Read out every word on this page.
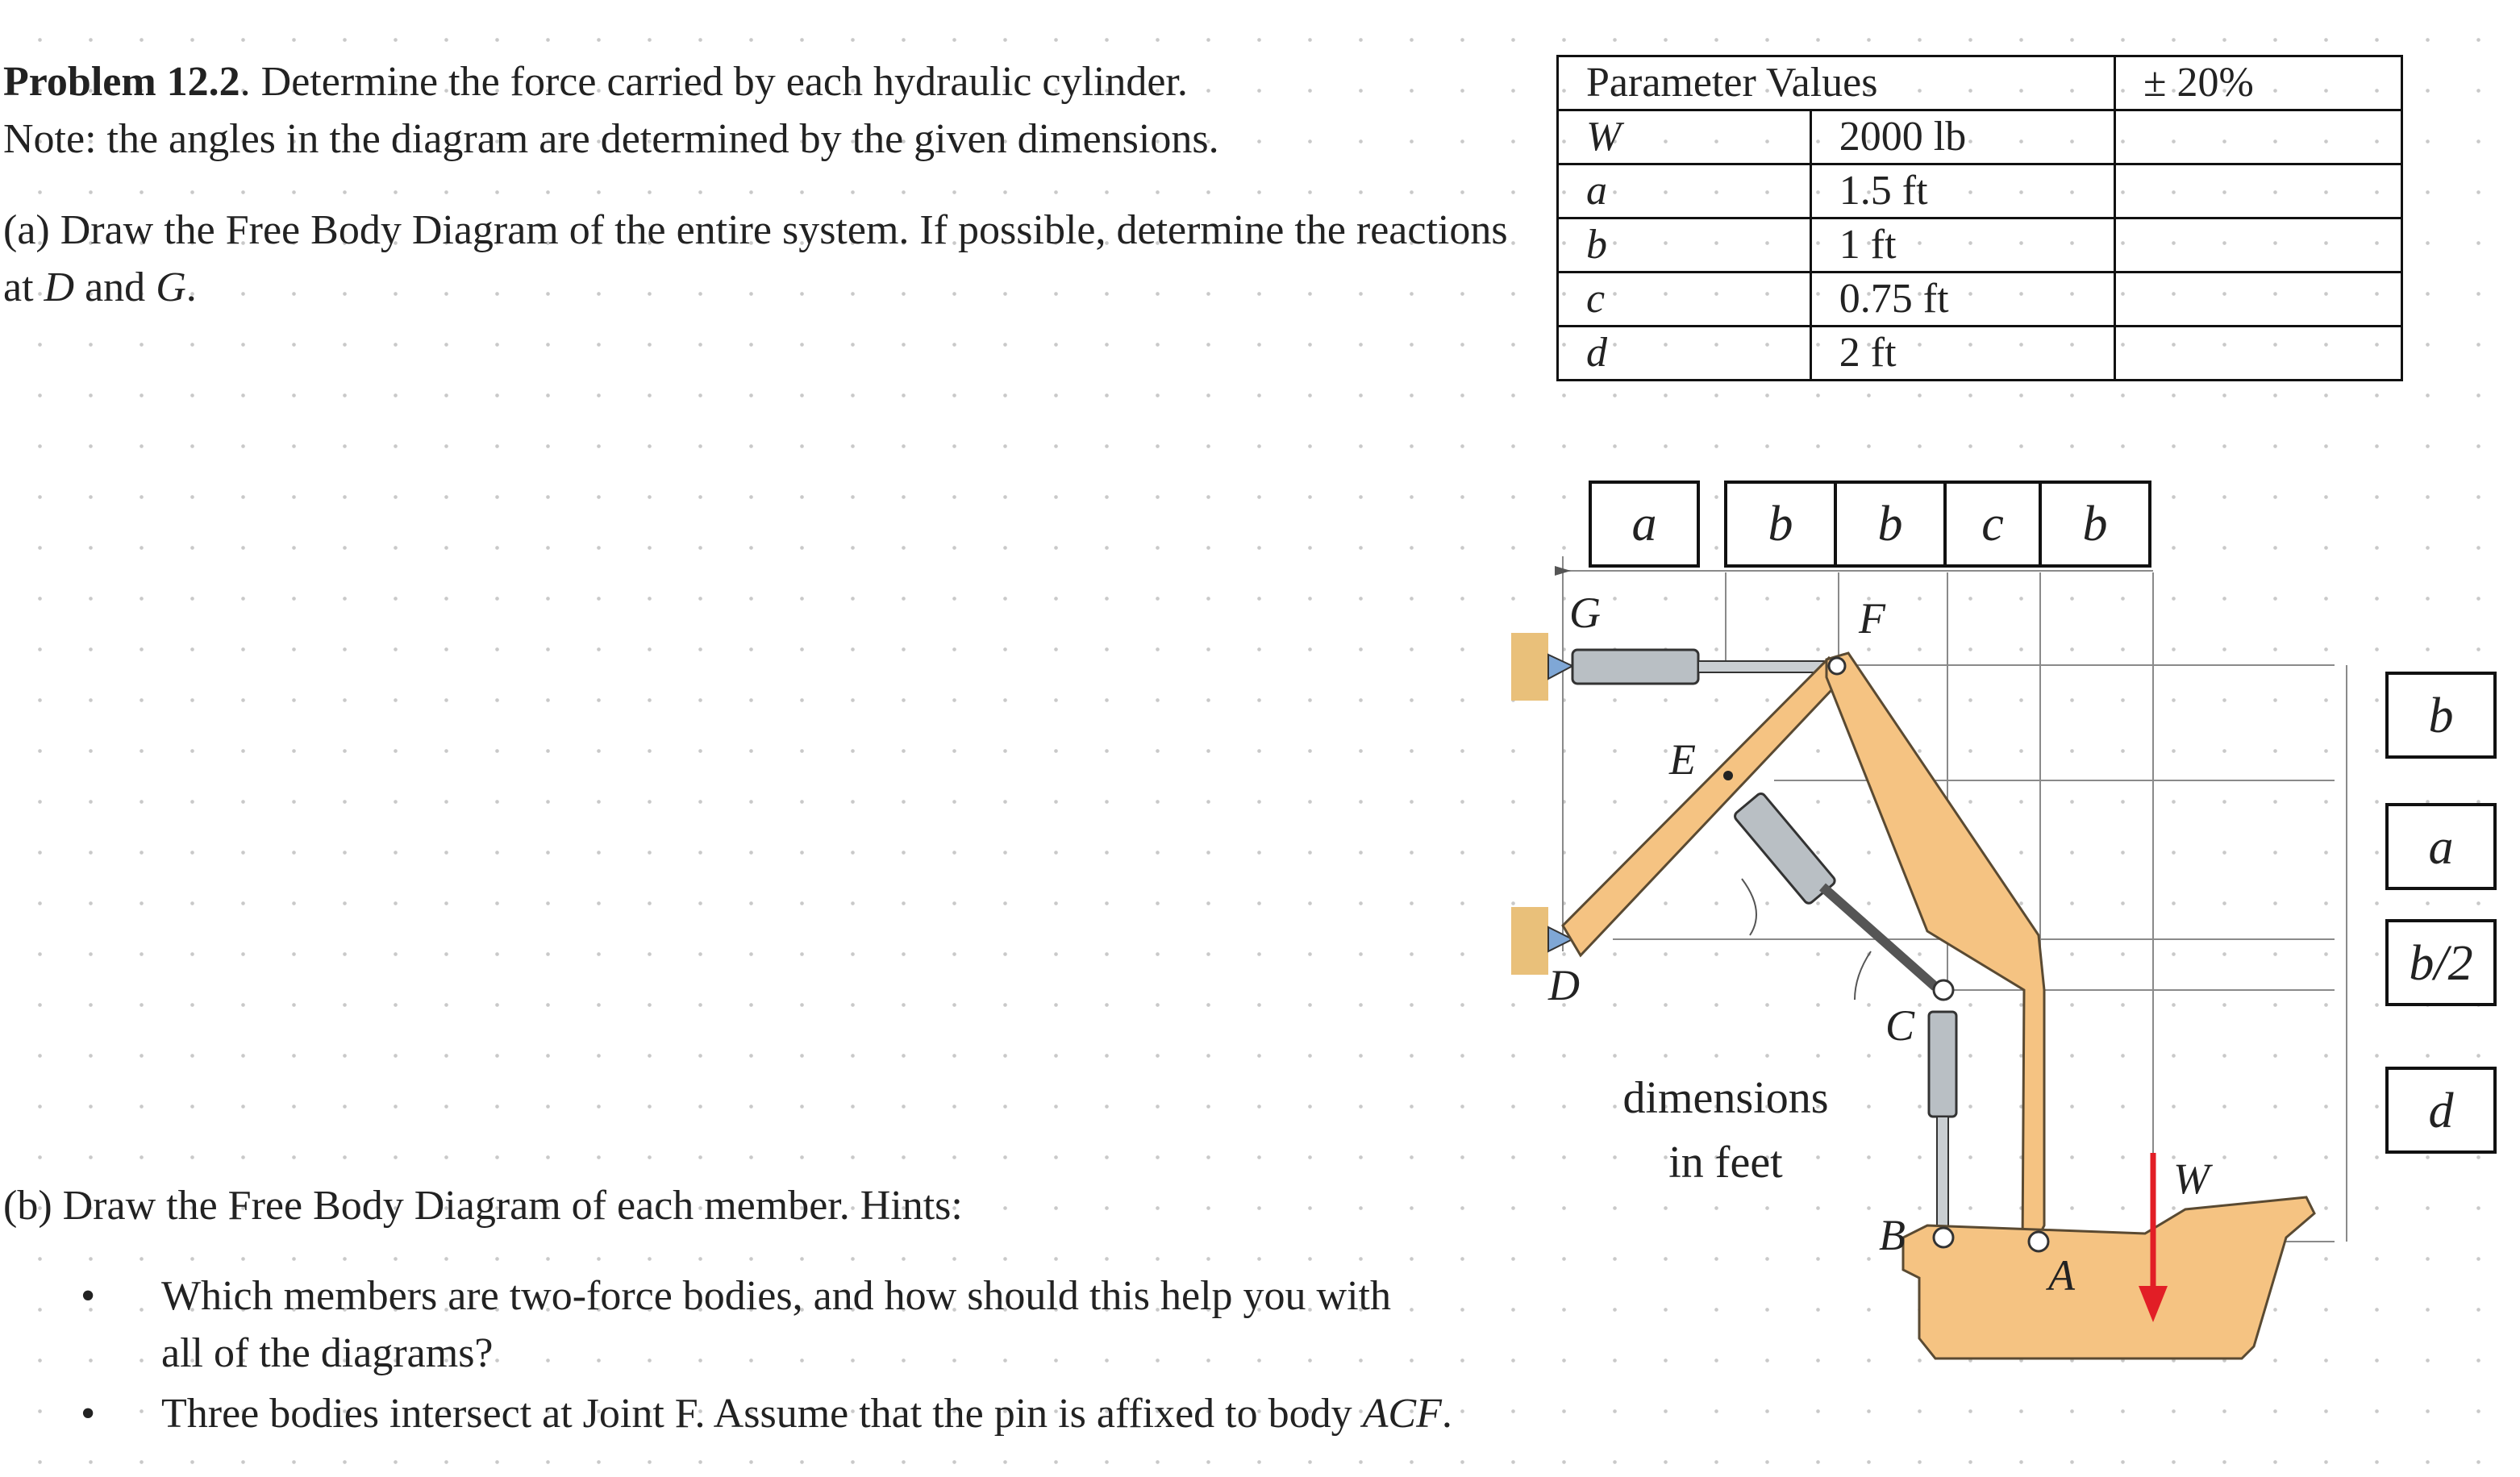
Problem 12.2. Determine the force carried by each hydraulic cylinder.
Note: the angles in the diagram are determined by the given dimensions.

(a) Draw the Free Body Diagram of the entire system. If possible, determine the reactions at D and G.

(b) Draw the Free Body Diagram of each member. Hints:

• Which members are two-force bodies, and how should this help you with all of the diagrams?
• Three bodies intersect at Joint F. Assume that the pin is affixed to body ACF.
Parameter Values		± 20%
W	2000 lb	
a	1.5 ft	
b	1 ft	
c	0.75 ft	
d	2 ft	
a b b c b
b
a
b/2
d
G	F
E
D
C
B
A
W
dimensions
in feet
